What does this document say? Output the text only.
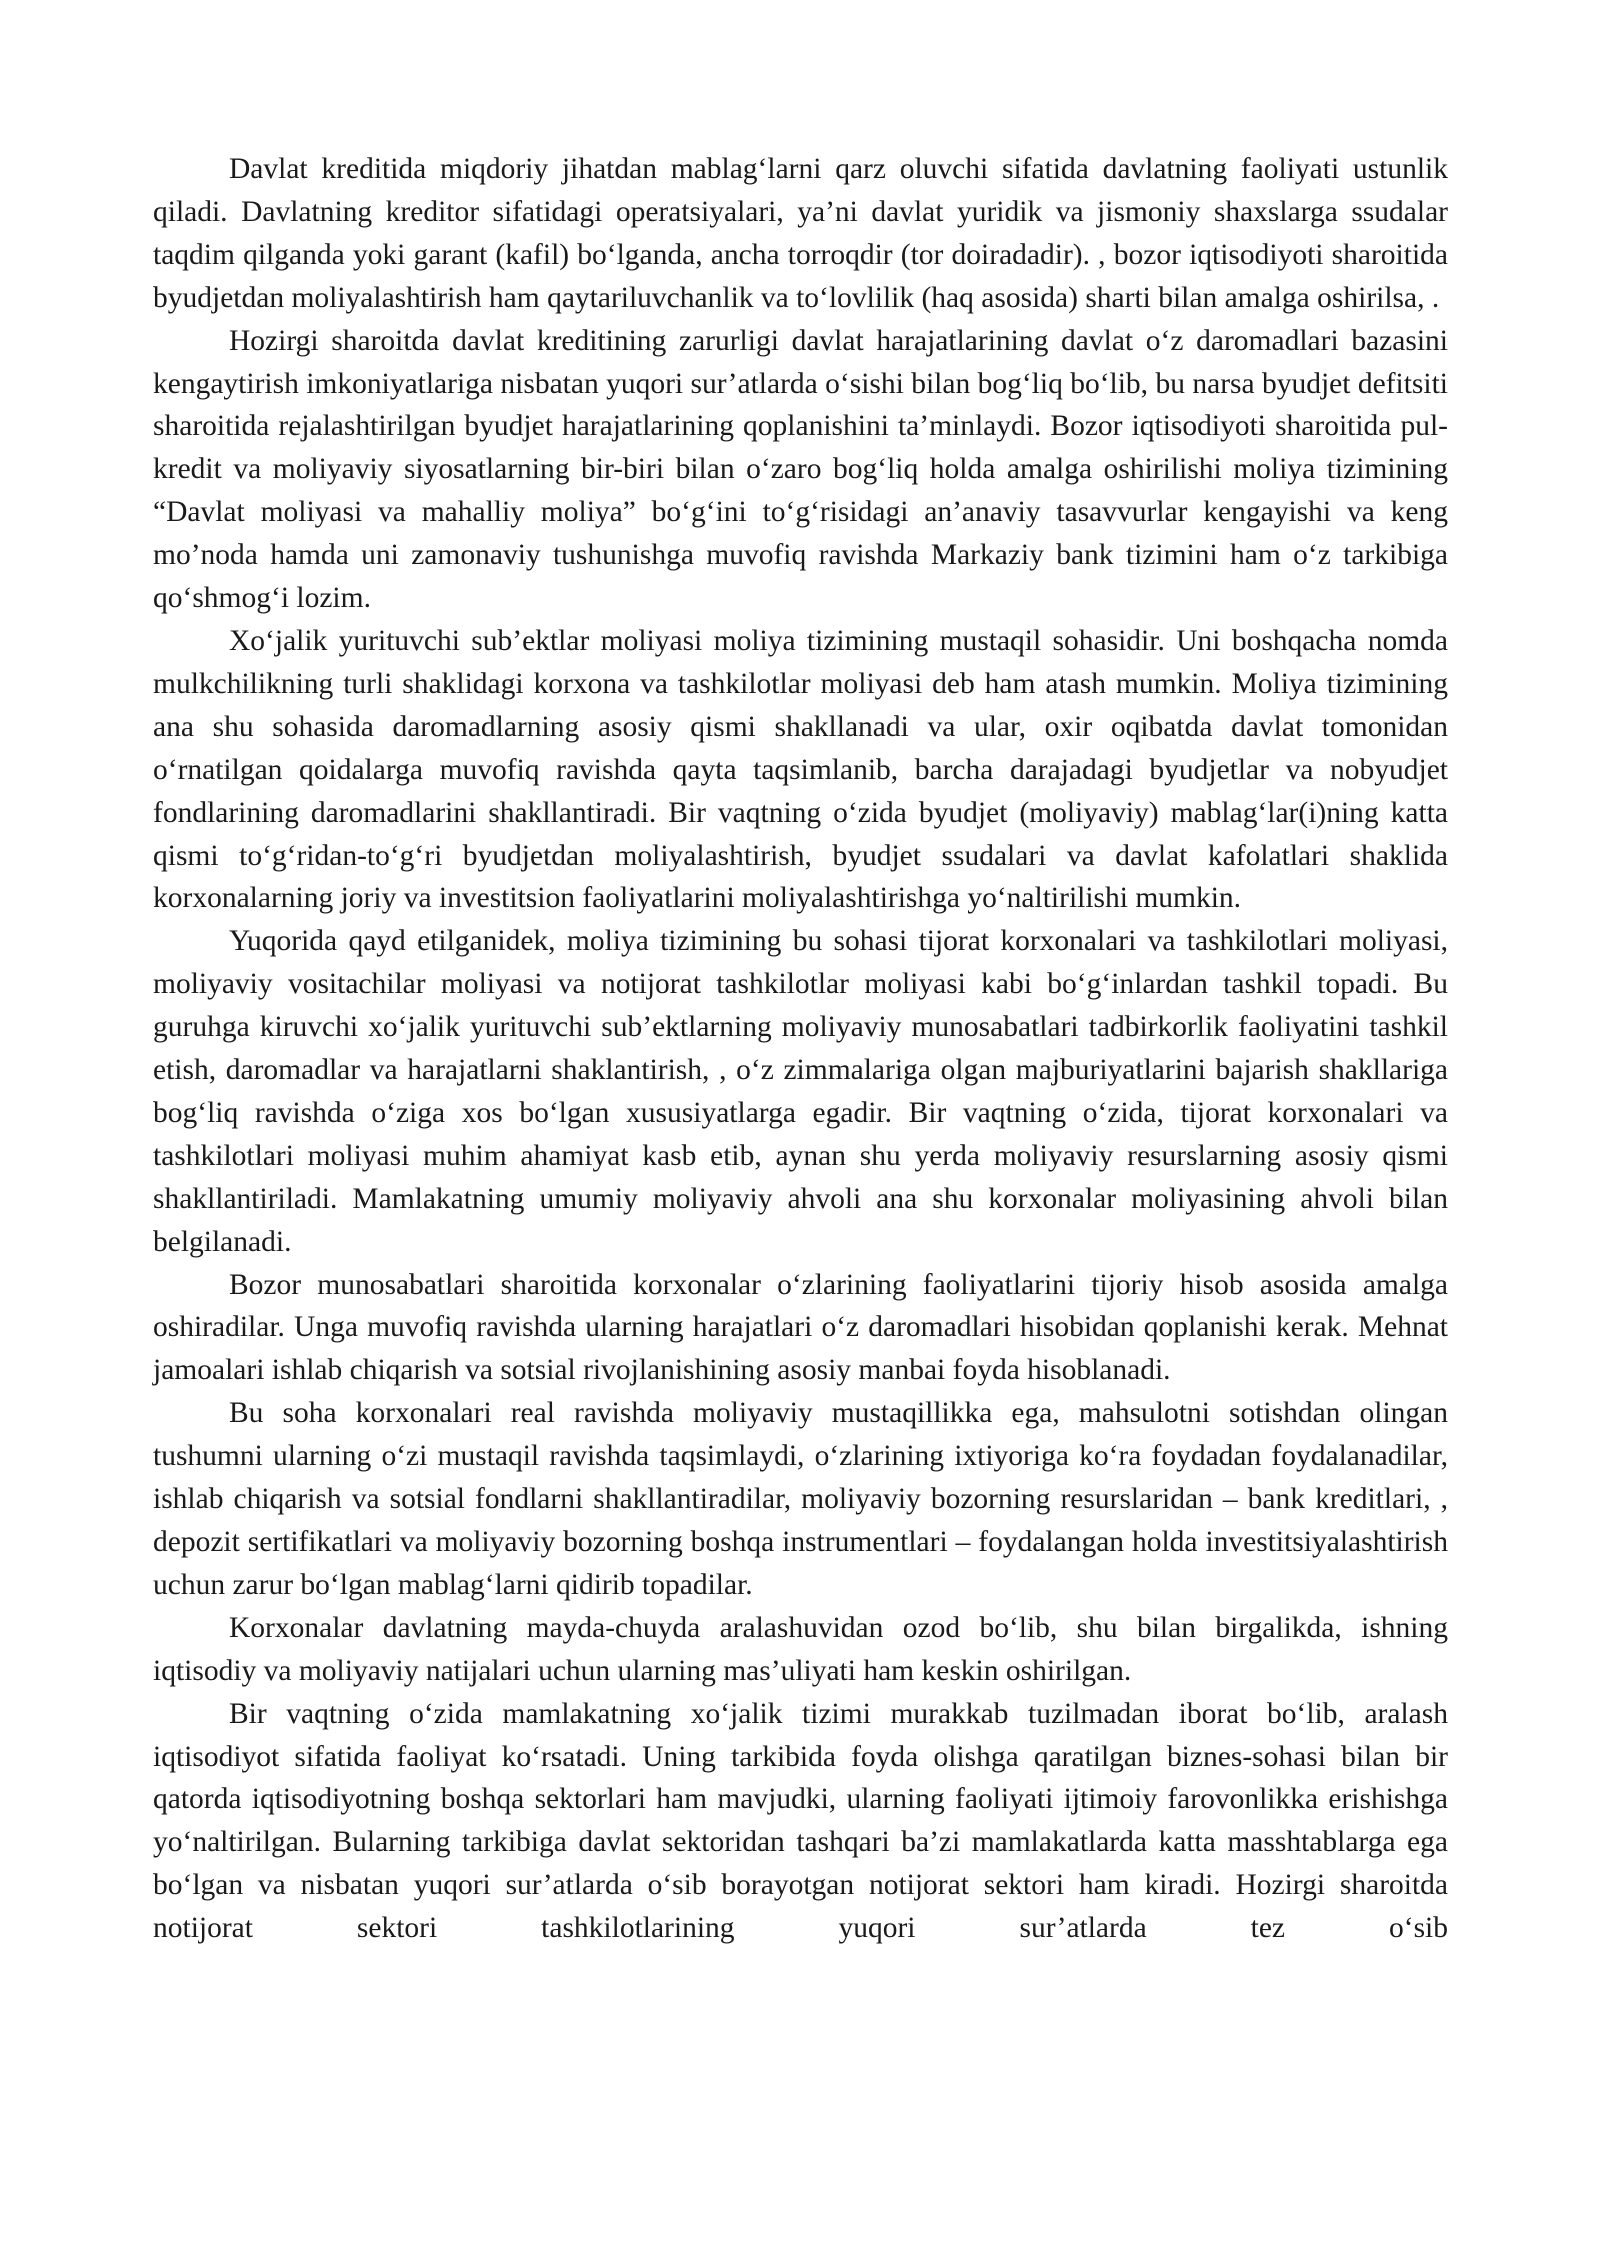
Davlat kreditida miqdoriy jihatdan mablag‘larni qarz oluvchi sifatida davlatning faoliyati ustunlik qiladi. Davlatning kreditor sifatidagi operatsiyalari, ya’ni davlat yuridik va jismoniy shaxslarga ssudalar taqdim qilganda yoki garant (kafil) bo‘lganda, ancha torroqdir (tor doiradadir). , bozor iqtisodiyoti sharoitida byudjetdan moliyalashtirish ham qaytariluvchanlik va to‘lovlilik (haq asosida) sharti bilan amalga oshirilsa, .

Hozirgi sharoitda davlat kreditining zarurligi davlat harajatlarining davlat o‘z daromadlari bazasini kengaytirish imkoniyatlariga nisbatan yuqori sur’atlarda o‘sishi bilan bog‘liq bo‘lib, bu narsa byudjet defitsiti sharoitida rejalashtirilgan byudjet harajatlarining qoplanishini ta’minlaydi. Bozor iqtisodiyoti sharoitida pul-kredit va moliyaviy siyosatlarning bir-biri bilan o‘zaro bog‘liq holda amalga oshirilishi moliya tizimining “Davlat moliyasi va mahalliy moliya” bo‘g‘ini to‘g‘risidagi an’anaviy tasavvurlar kengayishi va keng mo’noda hamda uni zamonaviy tushunishga muvofiq ravishda Markaziy bank tizimini ham o‘z tarkibiga qo‘shmog‘i lozim.

Xo‘jalik yurituvchi sub’ektlar moliyasi moliya tizimining mustaqil sohasidir. Uni boshqacha nomda mulkchilikning turli shaklidagi korxona va tashkilotlar moliyasi deb ham atash mumkin. Moliya tizimining ana shu sohasida daromadlarning asosiy qismi shakllanadi va ular, oxir oqibatda davlat tomonidan o‘rnatilgan qoidalarga muvofiq ravishda qayta taqsimlanib, barcha darajadagi byudjetlar va nobyudjet fondlarining daromadlarini shakllantiradi. Bir vaqtning o‘zida byudjet (moliyaviy) mablag‘lar(i)ning katta qismi to‘g‘ridan-to‘g‘ri byudjetdan moliyalashtirish, byudjet ssudalari va davlat kafolatlari shaklida korxonalarning joriy va investitsion faoliyatlarini moliyalashtirishga yo‘naltirilishi mumkin.

Yuqorida qayd etilganidek, moliya tizimining bu sohasi tijorat korxonalari va tashkilotlari moliyasi, moliyaviy vositachilar moliyasi va notijorat tashkilotlar moliyasi kabi bo‘g‘inlardan tashkil topadi. Bu guruhga kiruvchi xo‘jalik yurituvchi sub’ektlarning moliyaviy munosabatlari tadbirkorlik faoliyatini tashkil etish, daromadlar va harajatlarni shaklantirish, , o‘z zimmalariga olgan majburiyatlarini bajarish shakllariga bog‘liq ravishda o‘ziga xos bo‘lgan xususiyatlarga egadir. Bir vaqtning o‘zida, tijorat korxonalari va tashkilotlari moliyasi muhim ahamiyat kasb etib, aynan shu yerda moliyaviy resurslarning asosiy qismi shakllantiriladi. Mamlakatning umumiy moliyaviy ahvoli ana shu korxonalar moliyasining ahvoli bilan belgilanadi.

Bozor munosabatlari sharoitida korxonalar o‘zlarining faoliyatlarini tijoriy hisob asosida amalga oshiradilar. Unga muvofiq ravishda ularning harajatlari o‘z daromadlari hisobidan qoplanishi kerak. Mehnat jamoalari ishlab chiqarish va sotsial rivojlanishining asosiy manbai foyda hisoblanadi.

Bu soha korxonalari real ravishda moliyaviy mustaqillikka ega, mahsulotni sotishdan olingan tushumni ularning o‘zi mustaqil ravishda taqsimlaydi, o‘zlarining ixtiyoriga ko‘ra foydadan foydalanadilar, ishlab chiqarish va sotsial fondlarni shakllantiradilar, moliyaviy bozorning resurslaridan – bank kreditlari, , depozit sertifikatlari va moliyaviy bozorning boshqa instrumentlari – foydalangan holda investitsiyalashtirish uchun zarur bo‘lgan mablag‘larni qidirib topadilar.

Korxonalar davlatning mayda-chuyda aralashuvidan ozod bo‘lib, shu bilan birgalikda, ishning iqtisodiy va moliyaviy natijalari uchun ularning mas’uliyati ham keskin oshirilgan.

Bir vaqtning o‘zida mamlakatning xo‘jalik tizimi murakkab tuzilmadan iborat bo‘lib, aralash iqtisodiyot sifatida faoliyat ko‘rsatadi. Uning tarkibida foyda olishga qaratilgan biznes-sohasi bilan bir qatorda iqtisodiyotning boshqa sektorlari ham mavjudki, ularning faoliyati ijtimoiy farovonlikka erishishga yo‘naltirilgan. Bularning tarkibiga davlat sektoridan tashqari ba’zi mamlakatlarda katta masshtablarga ega bo‘lgan va nisbatan yuqori sur’atlarda o‘sib borayotgan notijorat sektori ham kiradi. Hozirgi sharoitda notijorat sektori tashkilotlarining yuqori sur’atlarda tez o‘sib
